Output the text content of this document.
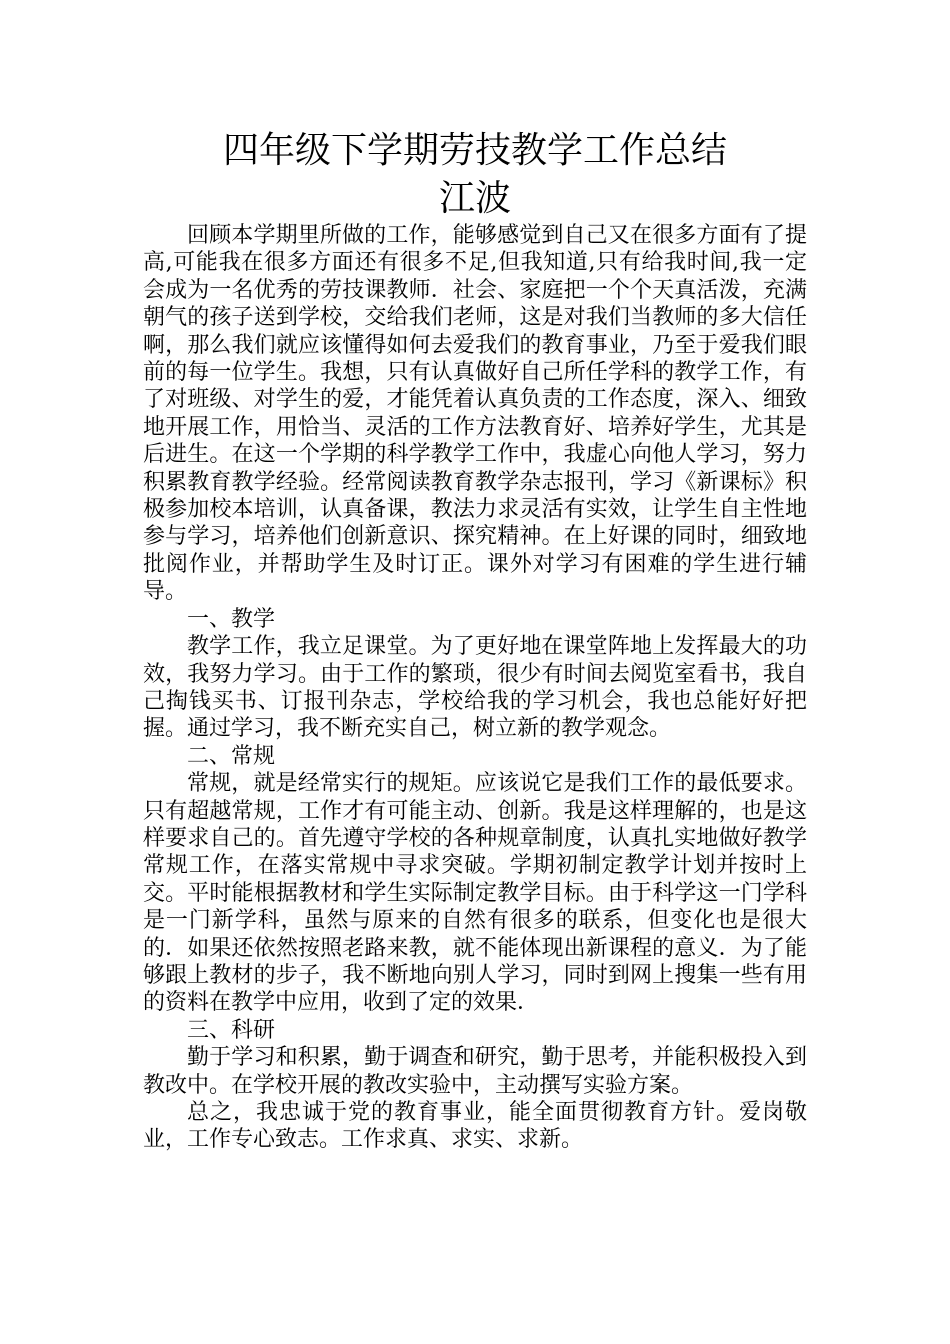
四年级下学期劳技教学工作总结
江波

回顾本学期里所做的工作，能够感觉到自己又在很多方面有了提高,可能我在很多方面还有很多不足,但我知道,只有给我时间,我一定会成为一名优秀的劳技课教师．社会、家庭把一个个天真活泼，充满朝气的孩子送到学校，交给我们老师，这是对我们当教师的多大信任啊，那么我们就应该懂得如何去爱我们的教育事业，乃至于爱我们眼前的每一位学生。我想，只有认真做好自己所任学科的教学工作，有了对班级、对学生的爱，才能凭着认真负责的工作态度，深入、细致地开展工作，用恰当、灵活的工作方法教育好、培养好学生，尤其是后进生。在这一个学期的科学教学工作中，我虚心向他人学习，努力积累教育教学经验。经常阅读教育教学杂志报刊，学习《新课标》积极参加校本培训，认真备课，教法力求灵活有实效，让学生自主性地参与学习，培养他们创新意识、探究精神。在上好课的同时，细致地批阅作业，并帮助学生及时订正。课外对学习有困难的学生进行辅导。

一、教学

教学工作，我立足课堂。为了更好地在课堂阵地上发挥最大的功效，我努力学习。由于工作的繁琐，很少有时间去阅览室看书，我自己掏钱买书、订报刊杂志，学校给我的学习机会，我也总能好好把握。通过学习，我不断充实自己，树立新的教学观念。

二、常规

常规，就是经常实行的规矩。应该说它是我们工作的最低要求。只有超越常规，工作才有可能主动、创新。我是这样理解的，也是这样要求自己的。首先遵守学校的各种规章制度，认真扎实地做好教学常规工作，在落实常规中寻求突破。学期初制定教学计划并按时上交。平时能根据教材和学生实际制定教学目标。由于科学这一门学科是一门新学科，虽然与原来的自然有很多的联系，但变化也是很大的．如果还依然按照老路来教，就不能体现出新课程的意义．为了能够跟上教材的步子，我不断地向别人学习，同时到网上搜集一些有用的资料在教学中应用，收到了定的效果．

三、科研

勤于学习和积累，勤于调查和研究，勤于思考，并能积极投入到教改中。在学校开展的教改实验中，主动撰写实验方案。

总之，我忠诚于党的教育事业，能全面贯彻教育方针。爱岗敬业，工作专心致志。工作求真、求实、求新。
